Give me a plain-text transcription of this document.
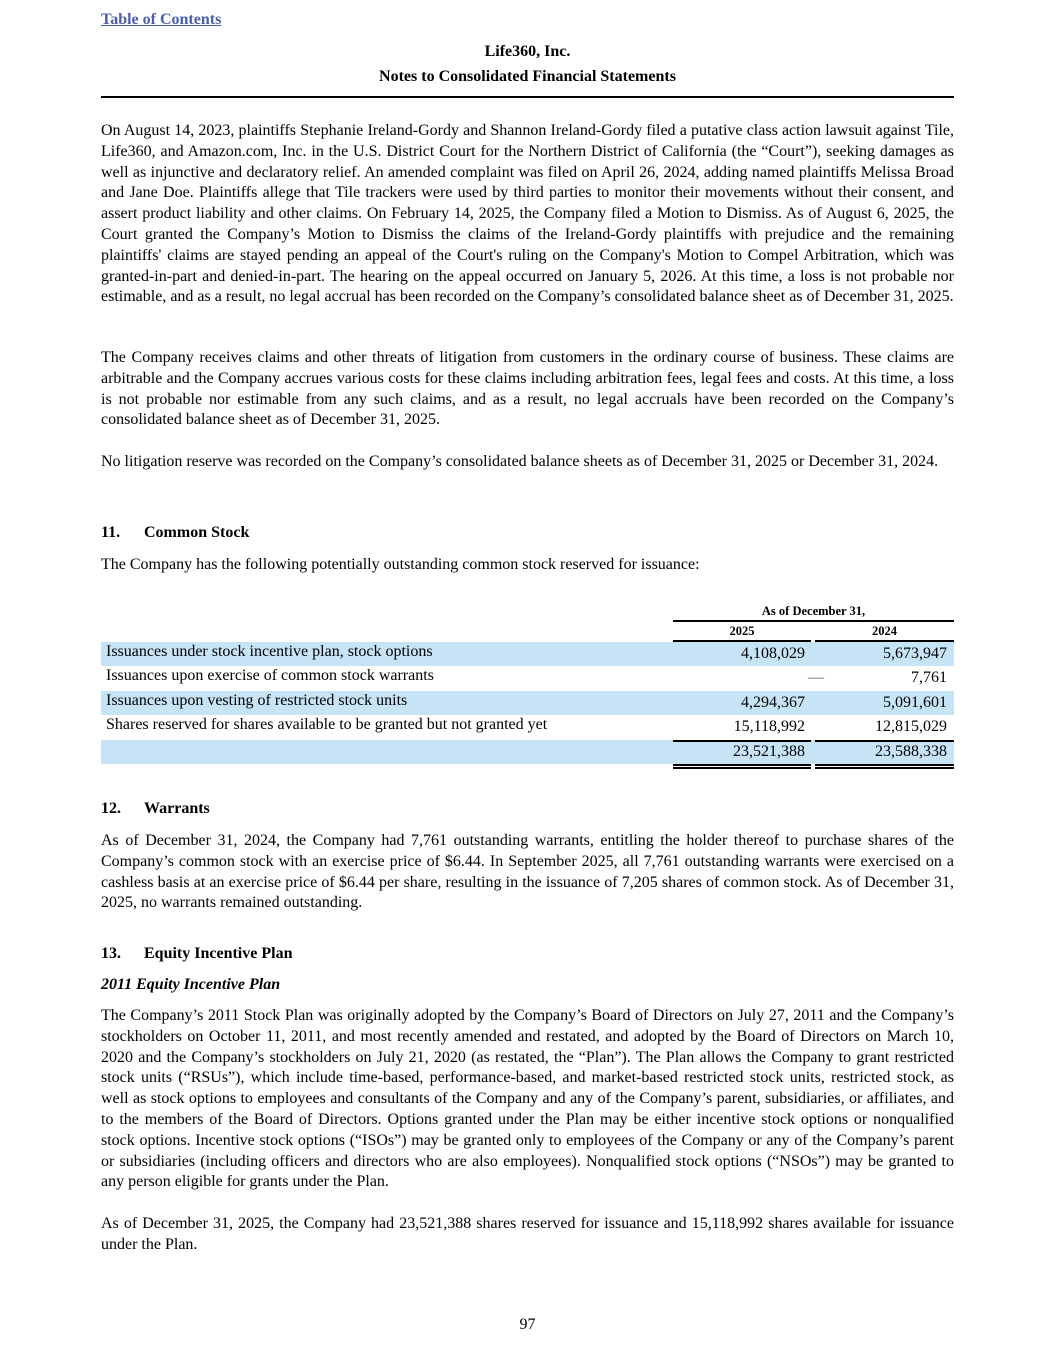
Table of Contents
Life360, Inc.
Notes to Consolidated Financial Statements
On August 14, 2023, plaintiffs Stephanie Ireland-Gordy and Shannon Ireland-Gordy filed a putative class action lawsuit against Tile, Life360, and Amazon.com, Inc. in the U.S. District Court for the Northern District of California (the “Court”), seeking damages as well as injunctive and declaratory relief. An amended complaint was filed on April 26, 2024, adding named plaintiffs Melissa Broad and Jane Doe. Plaintiffs allege that Tile trackers were used by third parties to monitor their movements without their consent, and assert product liability and other claims. On February 14, 2025, the Company filed a Motion to Dismiss. As of August 6, 2025, the Court granted the Company’s Motion to Dismiss the claims of the Ireland-Gordy plaintiffs with prejudice and the remaining plaintiffs' claims are stayed pending an appeal of the Court's ruling on the Company's Motion to Compel Arbitration, which was granted-in-part and denied-in-part. The hearing on the appeal occurred on January 5, 2026. At this time, a loss is not probable nor estimable, and as a result, no legal accrual has been recorded on the Company’s consolidated balance sheet as of December 31, 2025.
The Company receives claims and other threats of litigation from customers in the ordinary course of business. These claims are arbitrable and the Company accrues various costs for these claims including arbitration fees, legal fees and costs. At this time, a loss is not probable nor estimable from any such claims, and as a result, no legal accruals have been recorded on the Company’s consolidated balance sheet as of December 31, 2025.
No litigation reserve was recorded on the Company’s consolidated balance sheets as of December 31, 2025 or December 31, 2024.
11. Common Stock
The Company has the following potentially outstanding common stock reserved for issuance:
As of December 31,
2025	2024
Issuances under stock incentive plan, stock options	4,108,029	5,673,947
Issuances upon exercise of common stock warrants	—	7,761
Issuances upon vesting of restricted stock units	4,294,367	5,091,601
Shares reserved for shares available to be granted but not granted yet	15,118,992	12,815,029
23,521,388	23,588,338
12. Warrants
As of December 31, 2024, the Company had 7,761 outstanding warrants, entitling the holder thereof to purchase shares of the Company’s common stock with an exercise price of $6.44. In September 2025, all 7,761 outstanding warrants were exercised on a cashless basis at an exercise price of $6.44 per share, resulting in the issuance of 7,205 shares of common stock. As of December 31, 2025, no warrants remained outstanding.
13. Equity Incentive Plan
2011 Equity Incentive Plan
The Company’s 2011 Stock Plan was originally adopted by the Company’s Board of Directors on July 27, 2011 and the Company’s stockholders on October 11, 2011, and most recently amended and restated, and adopted by the Board of Directors on March 10, 2020 and the Company’s stockholders on July 21, 2020 (as restated, the “Plan”). The Plan allows the Company to grant restricted stock units (“RSUs”), which include time-based, performance-based, and market-based restricted stock units, restricted stock, as well as stock options to employees and consultants of the Company and any of the Company’s parent, subsidiaries, or affiliates, and to the members of the Board of Directors. Options granted under the Plan may be either incentive stock options or nonqualified stock options. Incentive stock options (“ISOs”) may be granted only to employees of the Company or any of the Company’s parent or subsidiaries (including officers and directors who are also employees). Nonqualified stock options (“NSOs”) may be granted to any person eligible for grants under the Plan.
As of December 31, 2025, the Company had 23,521,388 shares reserved for issuance and 15,118,992 shares available for issuance under the Plan.
97
